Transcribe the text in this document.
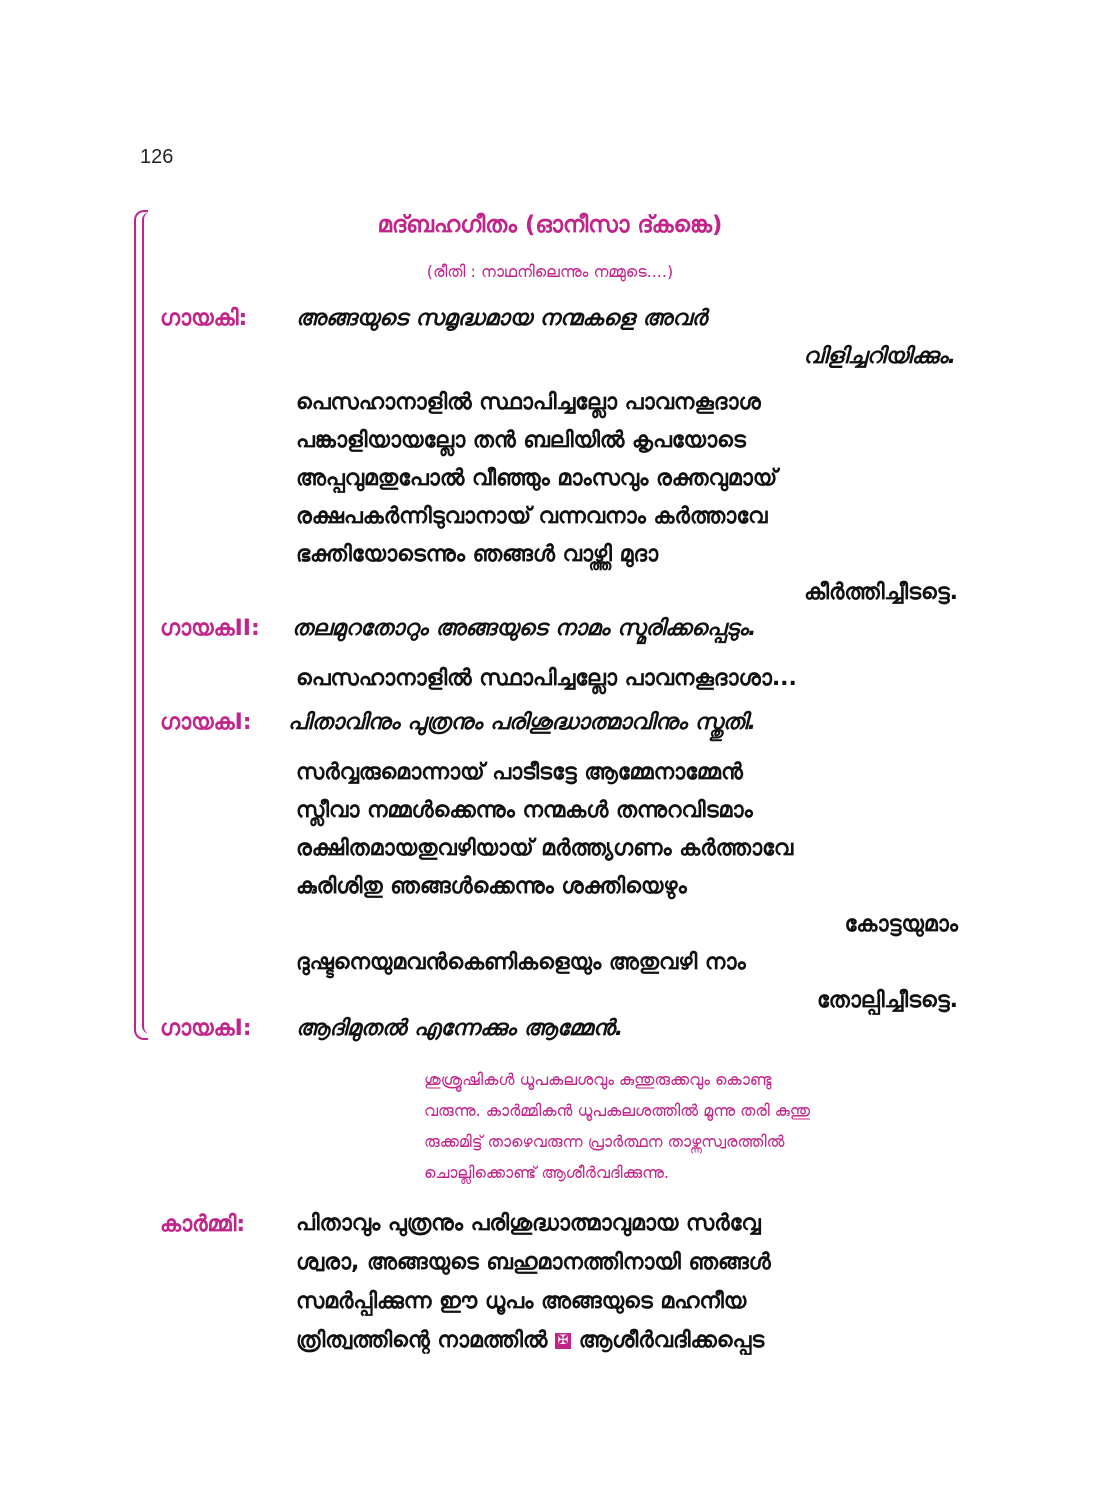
126
മദ്ബഹഗീതം (ഓനീസാ ദ്കങ്കെ)
(രീതി : നാഥനിലെന്നും നമ്മുടെ....)
ഗായകി: അങ്ങയുടെ സമൃദ്ധമായ നന്മകളെ അവർ
വിളിച്ചറിയിക്കും.
പെസഹാനാളിൽ സ്ഥാപിച്ചല്ലോ പാവനകൂദാശ
പങ്കാളിയായല്ലോ തൻ ബലിയിൽ കൃപയോടെ
അപ്പവുമതുപോൽ വീഞ്ഞും മാംസവും രക്തവുമായ്
രക്ഷപകർന്നിടുവാനായ് വന്നവനാം കർത്താവേ
ഭക്തിയോടെന്നും ഞങ്ങൾ വാഴ്ത്തി മുദാ
കീർത്തിച്ചീടട്ടെ.
ഗായകII: തലമുറതോറും അങ്ങയുടെ നാമം സ്മരിക്കപ്പെടും.
പെസഹാനാളിൽ സ്ഥാപിച്ചല്ലോ പാവനകൂദാശാ...
ഗായകI: പിതാവിനും പുത്രനും പരിശുദ്ധാത്മാവിനും സ്തുതി.
സർവ്വരുമൊന്നായ് പാടീടട്ടേ ആമ്മേനാമ്മേൻ
സ്ലീവാ നമ്മൾക്കെന്നും നന്മകൾ തന്നുറവിടമാം
രക്ഷിതമായതുവഴിയായ് മർത്ത്യഗണം കർത്താവേ
കുരിശിതു ഞങ്ങൾക്കെന്നും ശക്തിയെഴും
കോട്ടയുമാം
ദുഷ്ടനെയുമവൻകെണികളെയും അതുവഴി നാം
തോല്പിച്ചീടട്ടെ.
ഗായകI: ആദിമുതൽ എന്നേക്കും ആമ്മേൻ.
ശുശ്രൂഷികൾ ധൂപകലശവും കുന്തുരുക്കവും കൊണ്ടു
വരുന്നു. കാർമ്മികൻ ധൂപകലശത്തിൽ മൂന്നു തരി കുന്തു
രുക്കമിട്ട് താഴെവരുന്ന പ്രാർത്ഥന താഴ്ന്നസ്വരത്തിൽ
ചൊല്ലിക്കൊണ്ട് ആശീർവദിക്കുന്നു.
കാർമ്മി: പിതാവും പുത്രനും പരിശുദ്ധാത്മാവുമായ സർവ്വേ
ശ്വരാ, അങ്ങയുടെ ബഹുമാനത്തിനായി ഞങ്ങൾ
സമർപ്പിക്കുന്ന ഈ ധൂപം അങ്ങയുടെ മഹനീയ
ത്രിത്വത്തിന്റെ നാമത്തിൽ ✠ ആശീർവദിക്കപ്പെട
